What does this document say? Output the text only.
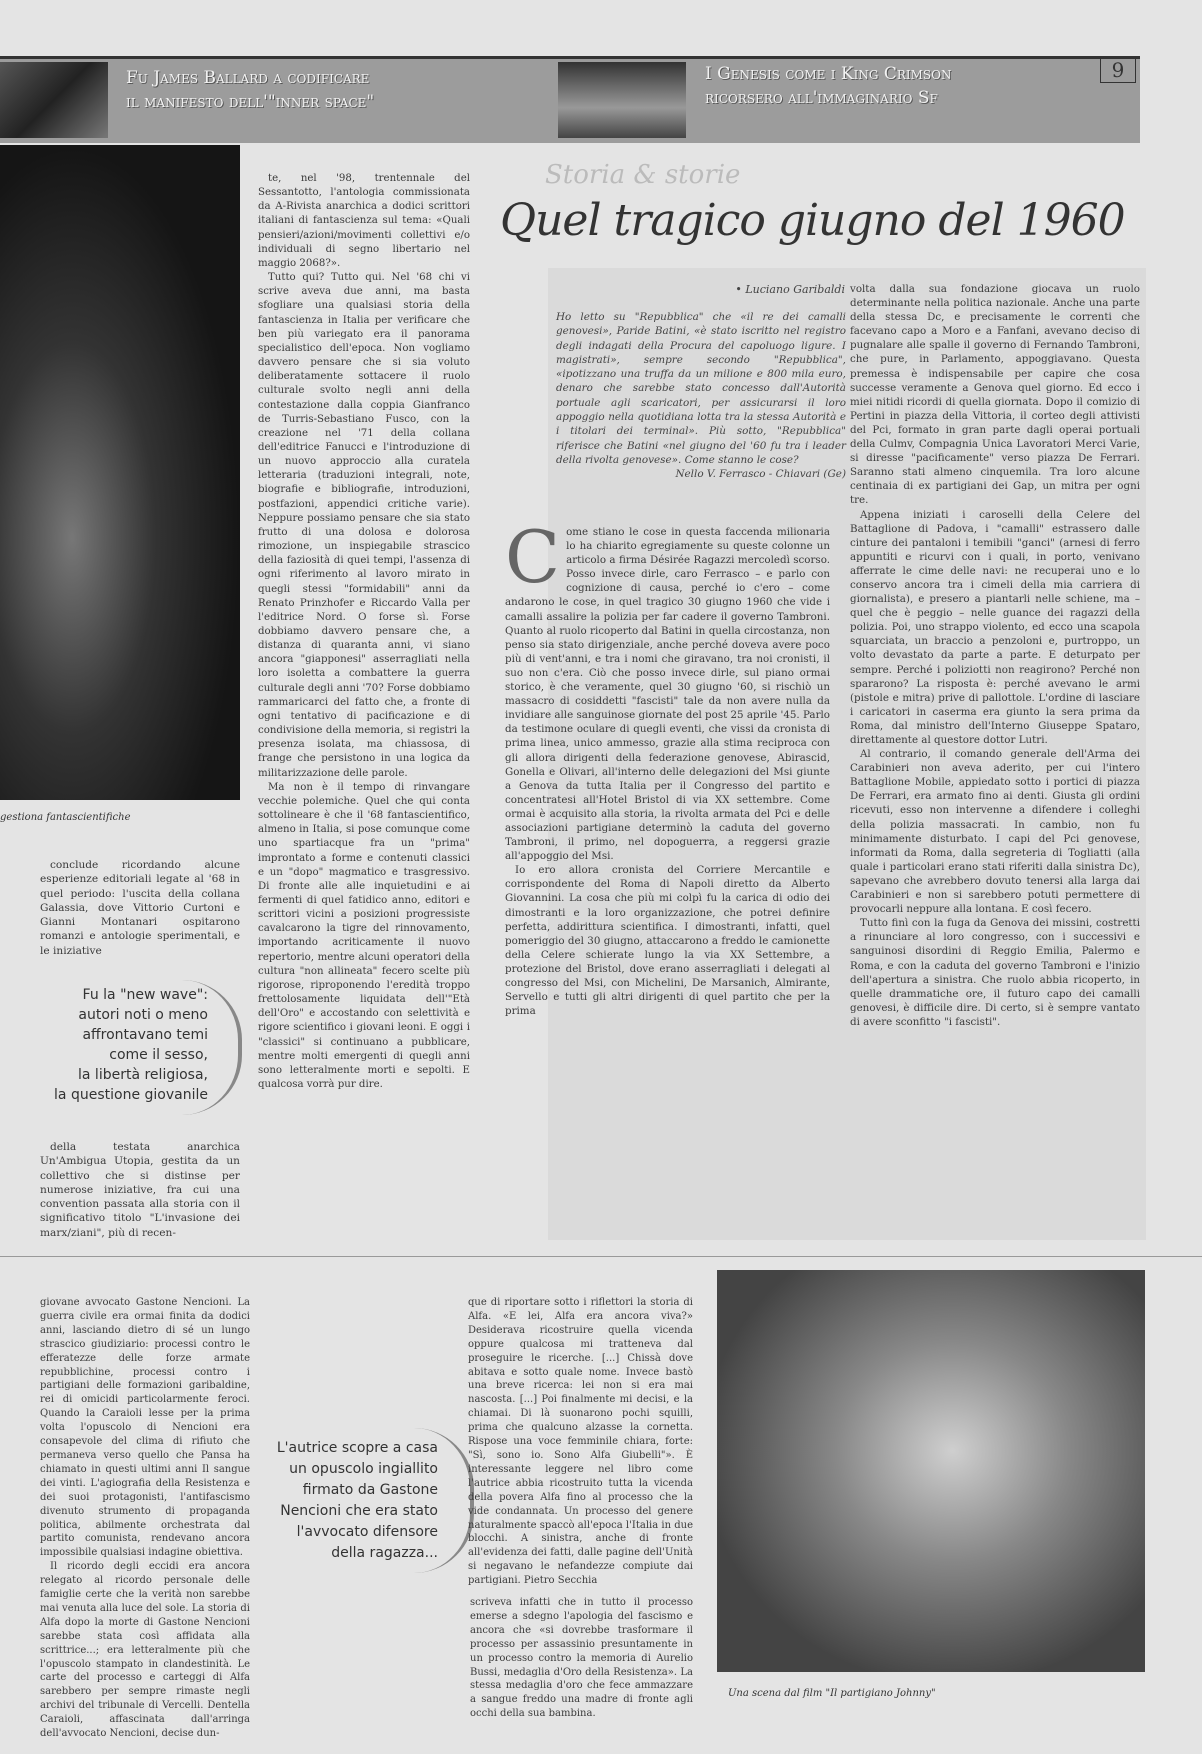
Fu James Ballard a codificare
il manifesto dell'"inner space"
I Genesis come i King Crimson
ricorsero all'immaginario Sf
9
gestiona fantascientifiche

conclude ricordando alcune esperienze editoriali legate al '68 in quel periodo: l'uscita della collana Galassia, dove Vittorio Curtoni e Gianni Montanari ospitarono romanzi e antologie sperimentali, e le iniziative

Fu la "new wave":
autori noti o meno
affrontavano temi
come il sesso,
la libertà religiosa,
la questione giovanile

della testata anarchica Un'Ambigua Utopia, gestita da un collettivo che si distinse per numerose iniziative, fra cui una convention passata alla storia con il significativo titolo "L'invasione dei marx/ziani", più di recen-

te, nel '98, trentennale del Sessantotto, l'antologia commissionata da A-Rivista anarchica a dodici scrittori italiani di fantascienza sul tema: «Quali pensieri/azioni/movimenti collettivi e/o individuali di segno libertario nel maggio 2068?».

Tutto qui? Tutto qui. Nel '68 chi vi scrive aveva due anni, ma basta sfogliare una qualsiasi storia della fantascienza in Italia per verificare che ben più variegato era il panorama specialistico dell'epoca. Non vogliamo davvero pensare che si sia voluto deliberatamente sottacere il ruolo culturale svolto negli anni della contestazione dalla coppia Gianfranco de Turris-Sebastiano Fusco, con la creazione nel '71 della collana dell'editrice Fanucci e l'introduzione di un nuovo approccio alla curatela letteraria (traduzioni integrali, note, biografie e bibliografie, introduzioni, postfazioni, appendici critiche varie). Neppure possiamo pensare che sia stato frutto di una dolosa e dolorosa rimozione, un inspiegabile strascico della faziosità di quei tempi, l'assenza di ogni riferimento al lavoro mirato in quegli stessi "formidabili" anni da Renato Prinzhofer e Riccardo Valla per l'editrice Nord. O forse sì. Forse dobbiamo davvero pensare che, a distanza di quaranta anni, vi siano ancora "giapponesi" asserragliati nella loro isoletta a combattere la guerra culturale degli anni '70? Forse dobbiamo rammaricarci del fatto che, a fronte di ogni tentativo di pacificazione e di condivisione della memoria, si registri la presenza isolata, ma chiassosa, di frange che persistono in una logica da militarizzazione delle parole.

Ma non è il tempo di rinvangare vecchie polemiche. Quel che qui conta sottolineare è che il '68 fantascientifico, almeno in Italia, si pose comunque come uno spartiacque fra un "prima" improntato a forme e contenuti classici e un "dopo" magmatico e trasgressivo. Di fronte alle alle inquietudini e ai fermenti di quel fatidico anno, editori e scrittori vicini a posizioni progressiste cavalcarono la tigre del rinnovamento, importando acriticamente il nuovo repertorio, mentre alcuni operatori della cultura "non allineata" fecero scelte più rigorose, riproponendo l'eredità troppo frettolosamente liquidata dell'"Età dell'Oro" e accostando con selettività e rigore scientifico i giovani leoni. E oggi i "classici" si continuano a pubblicare, mentre molti emergenti di quegli anni sono letteralmente morti e sepolti. E qualcosa vorrà pur dire.

Storia & storie
Quel tragico giugno del 1960
• Luciano Garibaldi
Ho letto su "Repubblica" che «il re dei camalli genovesi», Paride Batini, «è stato iscritto nel registro degli indagati della Procura del capoluogo ligure. I magistrati», sempre secondo "Repubblica", «ipotizzano una truffa da un milione e 800 mila euro, denaro che sarebbe stato concesso dall'Autorità portuale agli scaricatori, per assicurarsi il loro appoggio nella quotidiana lotta tra la stessa Autorità e i titolari dei terminal». Più sotto, "Repubblica" riferisce che Batini «nel giugno del '60 fu tra i leader della rivolta genovese». Come stanno le cose?
Nello V. Ferrasco - Chiavari (Ge)
C ome stiano le cose in questa faccenda milionaria lo ha chiarito egregiamente su queste colonne un articolo a firma Désirée Ragazzi mercoledì scorso. Posso invece dirle, caro Ferrasco – e parlo con cognizione di causa, perché io c'ero – come andarono le cose, in quel tragico 30 giugno 1960 che vide i camalli assalire la polizia per far cadere il governo Tambroni. Quanto al ruolo ricoperto dal Batini in quella circostanza, non penso sia stato dirigenziale, anche perché doveva avere poco più di vent'anni, e tra i nomi che giravano, tra noi cronisti, il suo non c'era. Ciò che posso invece dirle, sul piano ormai storico, è che veramente, quel 30 giugno '60, si rischiò un massacro di cosiddetti "fascisti" tale da non avere nulla da invidiare alle sanguinose giornate del post 25 aprile '45. Parlo da testimone oculare di quegli eventi, che vissi da cronista di prima linea, unico ammesso, grazie alla stima reciproca con gli allora dirigenti della federazione genovese, Abirascid, Gonella e Olivari, all'interno delle delegazioni del Msi giunte a Genova da tutta Italia per il Congresso del partito e concentratesi all'Hotel Bristol di via XX settembre. Come ormai è acquisito alla storia, la rivolta armata del Pci e delle associazioni partigiane determinò la caduta del governo Tambroni, il primo, nel dopoguerra, a reggersi grazie all'appoggio del Msi.

Io ero allora cronista del Corriere Mercantile e corrispondente del Roma di Napoli diretto da Alberto Giovannini. La cosa che più mi colpì fu la carica di odio dei dimostranti e la loro organizzazione, che potrei definire perfetta, addirittura scientifica. I dimostranti, infatti, quel pomeriggio del 30 giugno, attaccarono a freddo le camionette della Celere schierate lungo la via XX Settembre, a protezione del Bristol, dove erano asserragliati i delegati al congresso del Msi, con Michelini, De Marsanich, Almirante, Servello e tutti gli altri dirigenti di quel partito che per la prima

volta dalla sua fondazione giocava un ruolo determinante nella politica nazionale. Anche una parte della stessa Dc, e precisamente le correnti che facevano capo a Moro e a Fanfani, avevano deciso di pugnalare alle spalle il governo di Fernando Tambroni, che pure, in Parlamento, appoggiavano. Questa premessa è indispensabile per capire che cosa successe veramente a Genova quel giorno. Ed ecco i miei nitidi ricordi di quella giornata. Dopo il comizio di Pertini in piazza della Vittoria, il corteo degli attivisti del Pci, formato in gran parte dagli operai portuali della Culmv, Compagnia Unica Lavoratori Merci Varie, si diresse "pacificamente" verso piazza De Ferrari. Saranno stati almeno cinquemila. Tra loro alcune centinaia di ex partigiani dei Gap, un mitra per ogni tre.

Appena iniziati i caroselli della Celere del Battaglione di Padova, i "camalli" estrassero dalle cinture dei pantaloni i temibili "ganci" (arnesi di ferro appuntiti e ricurvi con i quali, in porto, venivano afferrate le cime delle navi: ne recuperai uno e lo conservo ancora tra i cimeli della mia carriera di giornalista), e presero a piantarli nelle schiene, ma – quel che è peggio – nelle guance dei ragazzi della polizia. Poi, uno strappo violento, ed ecco una scapola squarciata, un braccio a penzoloni e, purtroppo, un volto devastato da parte a parte. E deturpato per sempre. Perché i poliziotti non reagirono? Perché non spararono? La risposta è: perché avevano le armi (pistole e mitra) prive di pallottole. L'ordine di lasciare i caricatori in caserma era giunto la sera prima da Roma, dal ministro dell'Interno Giuseppe Spataro, direttamente al questore dottor Lutri.

Al contrario, il comando generale dell'Arma dei Carabinieri non aveva aderito, per cui l'intero Battaglione Mobile, appiedato sotto i portici di piazza De Ferrari, era armato fino ai denti. Giusta gli ordini ricevuti, esso non intervenne a difendere i colleghi della polizia massacrati. In cambio, non fu minimamente disturbato. I capi del Pci genovese, informati da Roma, dalla segreteria di Togliatti (alla quale i particolari erano stati riferiti dalla sinistra Dc), sapevano che avrebbero dovuto tenersi alla larga dai Carabinieri e non si sarebbero potuti permettere di provocarli neppure alla lontana. E così fecero.

Tutto finì con la fuga da Genova dei missini, costretti a rinunciare al loro congresso, con i successivi e sanguinosi disordini di Reggio Emilia, Palermo e Roma, e con la caduta del governo Tambroni e l'inizio dell'apertura a sinistra. Che ruolo abbia ricoperto, in quelle drammatiche ore, il futuro capo dei camalli genovesi, è difficile dire. Di certo, si è sempre vantato di avere sconfitto "i fascisti".

giovane avvocato Gastone Nencioni. La guerra civile era ormai finita da dodici anni, lasciando dietro di sé un lungo strascico giudiziario: processi contro le efferatezze delle forze armate repubblichine, processi contro i partigiani delle formazioni garibaldine, rei di omicidi particolarmente feroci. Quando la Caraioli lesse per la prima volta l'opuscolo di Nencioni era consapevole del clima di rifiuto che permaneva verso quello che Pansa ha chiamato in questi ultimi anni Il sangue dei vinti. L'agiografia della Resistenza e dei suoi protagonisti, l'antifascismo divenuto strumento di propaganda politica, abilmente orchestrata dal partito comunista, rendevano ancora impossibile qualsiasi indagine obiettiva.

Il ricordo degli eccidi era ancora relegato al ricordo personale delle famiglie certe che la verità non sarebbe mai venuta alla luce del sole. La storia di Alfa dopo la morte di Gastone Nencioni sarebbe stata così affidata alla scrittrice...; era letteralmente più che l'opuscolo stampato in clandestinità. Le carte del processo e carteggi di Alfa sarebbero per sempre rimaste negli archivi del tribunale di Vercelli. Dentella Caraioli, affascinata dall'arringa dell'avvocato Nencioni, decise dun-

L'autrice scopre a casa
un opuscolo ingiallito
firmato da Gastone
Nencioni che era stato
l'avvocato difensore
della ragazza...

que di riportare sotto i riflettori la storia di Alfa. «E lei, Alfa era ancora viva?» Desiderava ricostruire quella vicenda oppure qualcosa mi tratteneva dal proseguire le ricerche. [...] Chissà dove abitava e sotto quale nome. Invece bastò una breve ricerca: lei non si era mai nascosta. [...] Poi finalmente mi decisi, e la chiamai. Di là suonarono pochi squilli, prima che qualcuno alzasse la cornetta. Rispose una voce femminile chiara, forte: "Sì, sono io. Sono Alfa Giubelli"». È interessante leggere nel libro come l'autrice abbia ricostruito tutta la vicenda della povera Alfa fino al processo che la vide condannata. Un processo del genere naturalmente spaccò all'epoca l'Italia in due blocchi. A sinistra, anche di fronte all'evidenza dei fatti, dalle pagine dell'Unità si negavano le nefandezze compiute dai partigiani. Pietro Secchia

scriveva infatti che in tutto il processo emerse a sdegno l'apologia del fascismo e ancora che «si dovrebbe trasformare il processo per assassinio presuntamente in un processo contro la memoria di Aurelio Bussi, medaglia d'Oro della Resistenza». La stessa medaglia d'oro che fece ammazzare a sangue freddo una madre di fronte agli occhi della sua bambina.

Una scena dal film "Il partigiano Johnny"
